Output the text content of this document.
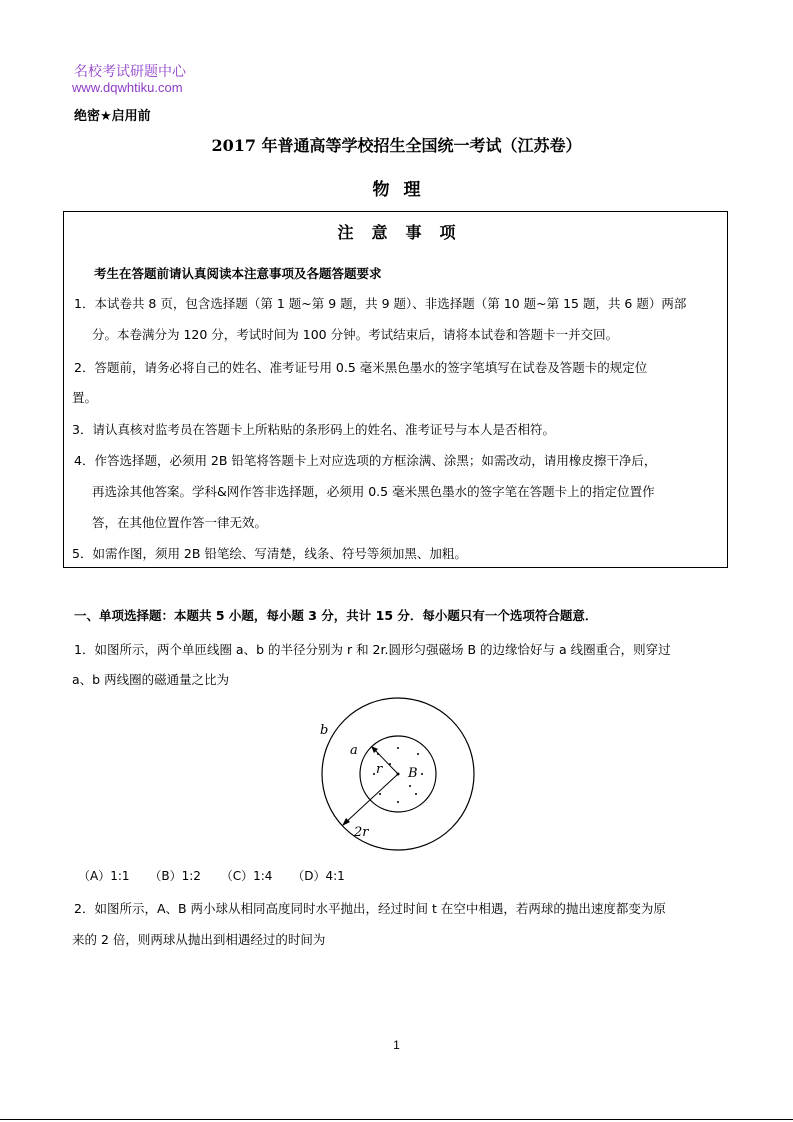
名校考试研题中心
www.dqwhtiku.com
绝密★启用前
2017 年普通高等学校招生全国统一考试（江苏卷）
物理
注意事项
考生在答题前请认真阅读本注意事项及各题答题要求
1．本试卷共 8 页，包含选择题（第 1 题~第 9 题，共 9 题）、非选择题（第 10 题~第 15 题，共 6 题）两部
分。本卷满分为 120 分，考试时间为 100 分钟。考试结束后，请将本试卷和答题卡一并交回。
2．答题前，请务必将自己的姓名、准考证号用 0.5 毫米黑色墨水的签字笔填写在试卷及答题卡的规定位
置。
3．请认真核对监考员在答题卡上所粘贴的条形码上的姓名、准考证号与本人是否相符。
4．作答选择题，必须用 2B 铅笔将答题卡上对应选项的方框涂满、涂黑；如需改动，请用橡皮擦干净后，
再选涂其他答案。学科&网作答非选择题，必须用 0.5 毫米黑色墨水的签字笔在答题卡上的指定位置作
答，在其他位置作答一律无效。
5．如需作图，须用 2B 铅笔绘、写清楚，线条、符号等须加黑、加粗。
一、单项选择题：本题共 5 小题，每小题 3 分，共计 15 分．每小题只有一个选项符合题意．
1．如图所示，两个单匝线圈 a、b 的半径分别为 r 和 2r.圆形匀强磁场 B 的边缘恰好与 a 线圈重合，则穿过
a、b 两线圈的磁通量之比为
b
a
r B
2r
（A）1:1 （B）1:2 （C）1:4 （D）4:1
2．如图所示，A、B 两小球从相同高度同时水平抛出，经过时间 t 在空中相遇，若两球的抛出速度都变为原
来的 2 倍，则两球从抛出到相遇经过的时间为
1
